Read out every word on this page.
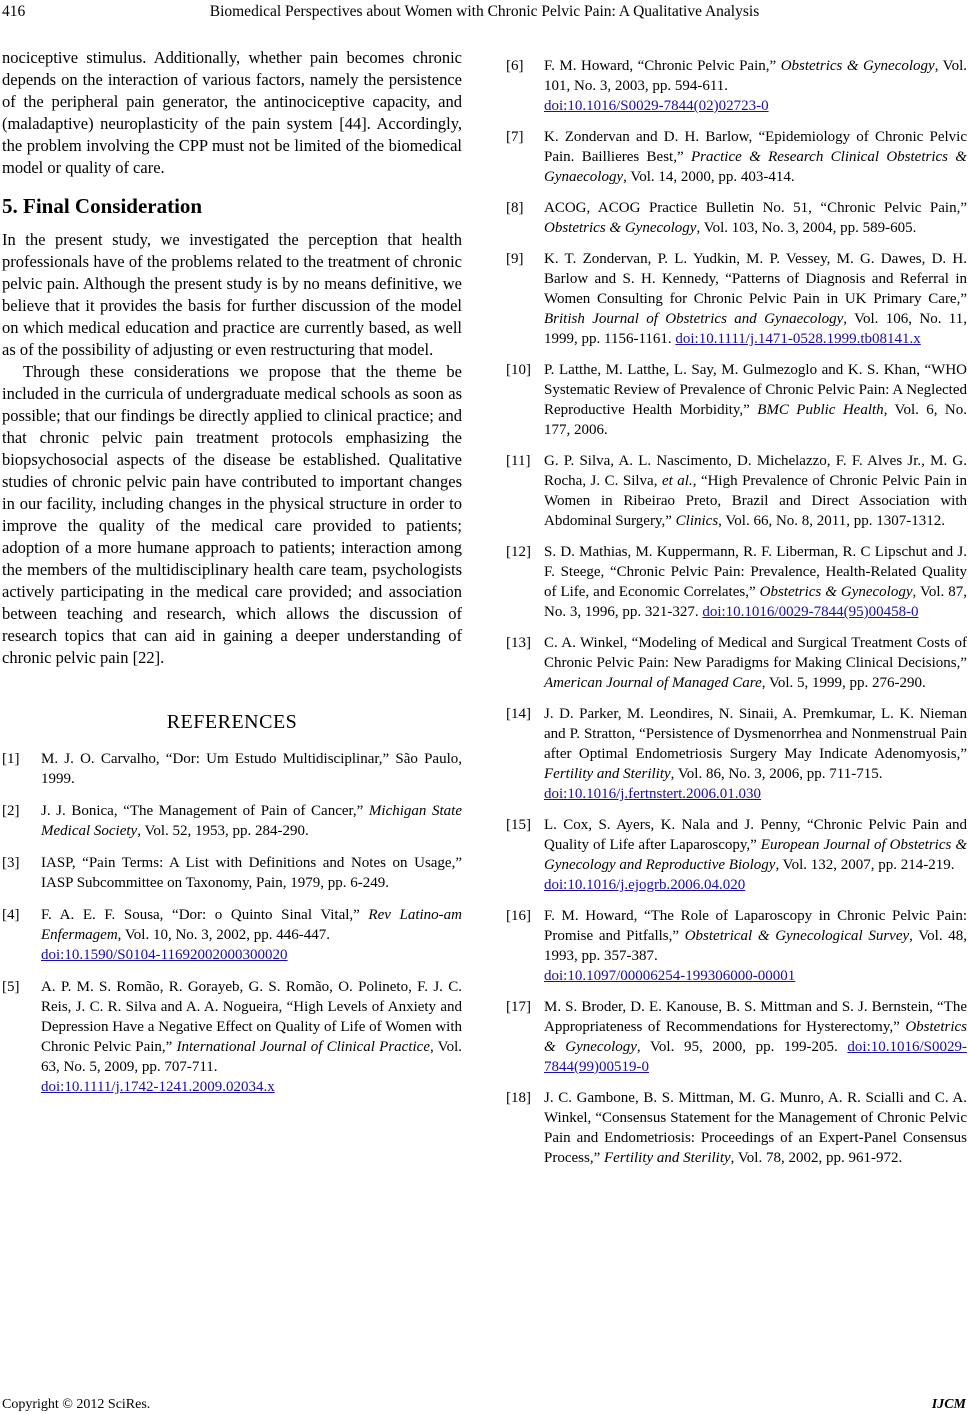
416	Biomedical Perspectives about Women with Chronic Pelvic Pain: A Qualitative Analysis

nociceptive stimulus. Additionally, whether pain becomes chronic depends on the interaction of various factors, namely the persistence of the peripheral pain generator, the antinociceptive capacity, and (maladaptive) neuroplasticity of the pain system [44]. Accordingly, the problem involving the CPP must not be limited of the biomedical model or quality of care.

5. Final Consideration

In the present study, we investigated the perception that health professionals have of the problems related to the treatment of chronic pelvic pain. Although the present study is by no means definitive, we believe that it provides the basis for further discussion of the model on which medical education and practice are currently based, as well as of the possibility of adjusting or even restructuring that model.

Through these considerations we propose that the theme be included in the curricula of undergraduate medical schools as soon as possible; that our findings be directly applied to clinical practice; and that chronic pelvic pain treatment protocols emphasizing the biopsychosocial aspects of the disease be established. Qualitative studies of chronic pelvic pain have contributed to important changes in our facility, including changes in the physical structure in order to improve the quality of the medical care provided to patients; adoption of a more humane approach to patients; interaction among the members of the multidisciplinary health care team, psychologists actively participating in the medical care provided; and association between teaching and research, which allows the discussion of research topics that can aid in gaining a deeper understanding of chronic pelvic pain [22].

REFERENCES
[1] M. J. O. Carvalho, “Dor: Um Estudo Multidisciplinar,” São Paulo, 1999.
[2] J. J. Bonica, “The Management of Pain of Cancer,” Michigan State Medical Society, Vol. 52, 1953, pp. 284-290.
[3] IASP, “Pain Terms: A List with Definitions and Notes on Usage,” IASP Subcommittee on Taxonomy, Pain, 1979, pp. 6-249.
[4] F. A. E. F. Sousa, “Dor: o Quinto Sinal Vital,” Rev Latino-am Enfermagem, Vol. 10, No. 3, 2002, pp. 446-447.
doi:10.1590/S0104-11692002000300020
[5] A. P. M. S. Romão, R. Gorayeb, G. S. Romão, O. Polineto, F. J. C. Reis, J. C. R. Silva and A. A. Nogueira, “High Levels of Anxiety and Depression Have a Negative Effect on Quality of Life of Women with Chronic Pelvic Pain,” International Journal of Clinical Practice, Vol. 63, No. 5, 2009, pp. 707-711.
doi:10.1111/j.1742-1241.2009.02034.x
[6] F. M. Howard, “Chronic Pelvic Pain,” Obstetrics & Gynecology, Vol. 101, No. 3, 2003, pp. 594-611.
doi:10.1016/S0029-7844(02)02723-0
[7] K. Zondervan and D. H. Barlow, “Epidemiology of Chronic Pelvic Pain. Baillieres Best,” Practice & Research Clinical Obstetrics & Gynaecology, Vol. 14, 2000, pp. 403-414.
[8] ACOG, ACOG Practice Bulletin No. 51, “Chronic Pelvic Pain,” Obstetrics & Gynecology, Vol. 103, No. 3, 2004, pp. 589-605.
[9] K. T. Zondervan, P. L. Yudkin, M. P. Vessey, M. G. Dawes, D. H. Barlow and S. H. Kennedy, “Patterns of Diagnosis and Referral in Women Consulting for Chronic Pelvic Pain in UK Primary Care,” British Journal of Obstetrics and Gynaecology, Vol. 106, No. 11, 1999, pp. 1156-1161. doi:10.1111/j.1471-0528.1999.tb08141.x
[10] P. Latthe, M. Latthe, L. Say, M. Gulmezoglo and K. S. Khan, “WHO Systematic Review of Prevalence of Chronic Pelvic Pain: A Neglected Reproductive Health Morbidity,” BMC Public Health, Vol. 6, No. 177, 2006.
[11] G. P. Silva, A. L. Nascimento, D. Michelazzo, F. F. Alves Jr., M. G. Rocha, J. C. Silva, et al., “High Prevalence of Chronic Pelvic Pain in Women in Ribeirao Preto, Brazil and Direct Association with Abdominal Surgery,” Clinics, Vol. 66, No. 8, 2011, pp. 1307-1312.
[12] S. D. Mathias, M. Kuppermann, R. F. Liberman, R. C Lipschut and J. F. Steege, “Chronic Pelvic Pain: Prevalence, Health-Related Quality of Life, and Economic Correlates,” Obstetrics & Gynecology, Vol. 87, No. 3, 1996, pp. 321-327. doi:10.1016/0029-7844(95)00458-0
[13] C. A. Winkel, “Modeling of Medical and Surgical Treatment Costs of Chronic Pelvic Pain: New Paradigms for Making Clinical Decisions,” American Journal of Managed Care, Vol. 5, 1999, pp. 276-290.
[14] J. D. Parker, M. Leondires, N. Sinaii, A. Premkumar, L. K. Nieman and P. Stratton, “Persistence of Dysmenorrhea and Nonmenstrual Pain after Optimal Endometriosis Surgery May Indicate Adenomyosis,” Fertility and Sterility, Vol. 86, No. 3, 2006, pp. 711-715.
doi:10.1016/j.fertnstert.2006.01.030
[15] L. Cox, S. Ayers, K. Nala and J. Penny, “Chronic Pelvic Pain and Quality of Life after Laparoscopy,” European Journal of Obstetrics & Gynecology and Reproductive Biology, Vol. 132, 2007, pp. 214-219.
doi:10.1016/j.ejogrb.2006.04.020
[16] F. M. Howard, “The Role of Laparoscopy in Chronic Pelvic Pain: Promise and Pitfalls,” Obstetrical & Gynecological Survey, Vol. 48, 1993, pp. 357-387.
doi:10.1097/00006254-199306000-00001
[17] M. S. Broder, D. E. Kanouse, B. S. Mittman and S. J. Bernstein, “The Appropriateness of Recommendations for Hysterectomy,” Obstetrics & Gynecology, Vol. 95, 2000, pp. 199-205. doi:10.1016/S0029-7844(99)00519-0
[18] J. C. Gambone, B. S. Mittman, M. G. Munro, A. R. Scialli and C. A. Winkel, “Consensus Statement for the Management of Chronic Pelvic Pain and Endometriosis: Proceedings of an Expert-Panel Consensus Process,” Fertility and Sterility, Vol. 78, 2002, pp. 961-972.
Copyright © 2012 SciRes.	IJCM
